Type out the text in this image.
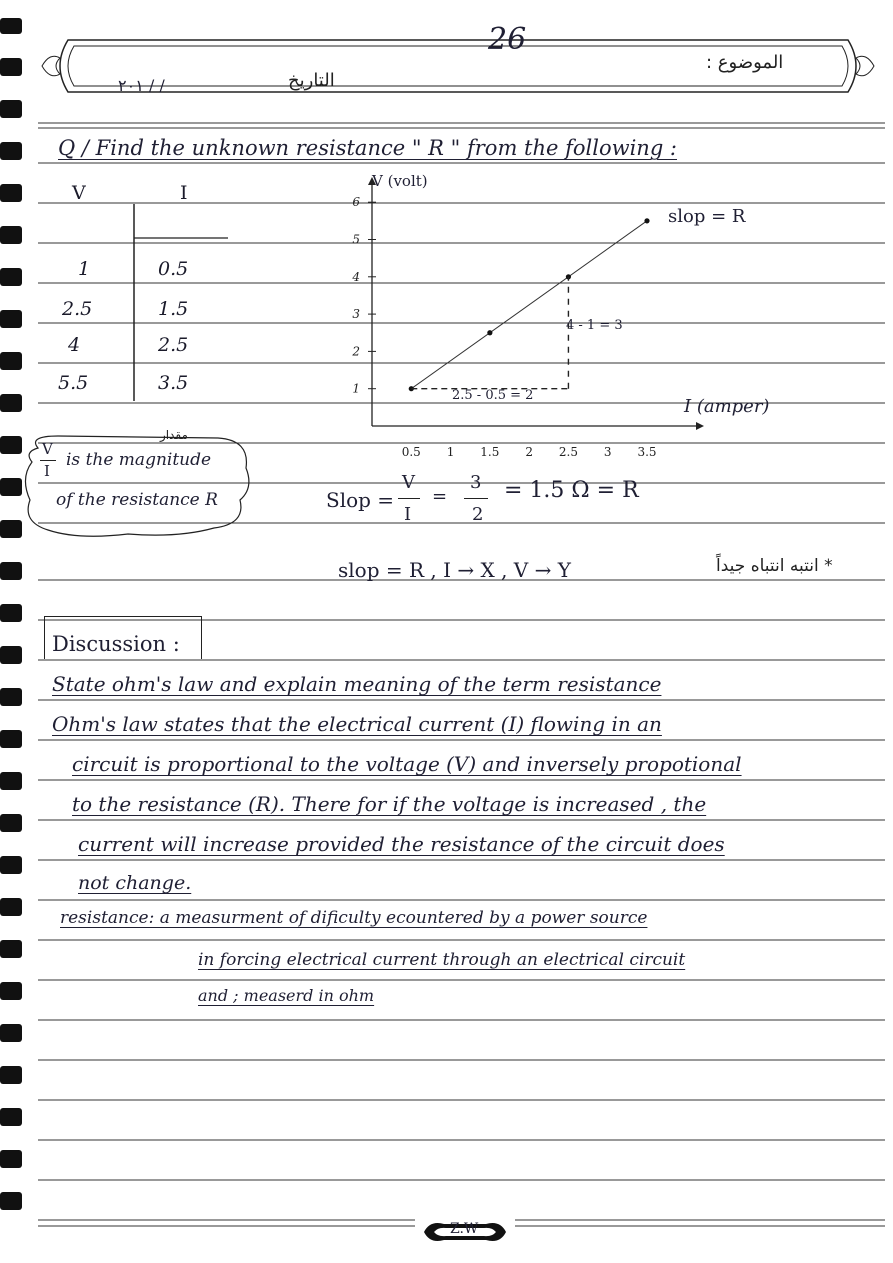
26
الموضوع :
التاريخ
٢٠١ / /
Q / Find the unknown resistance " R " from the following :
V	I
1	0.5
2.5	1.5
4	2.5
5.5	3.5
مقدار
V
I
is the magnitude
of the resistance R
1
2
3
4
5
6
0.5 1 1.5 2 2.5 3 3.5
V (volt)
I (amper)
slop = R
4 - 1 = 3
2.5 - 0.5 = 2
Slop =
V
I
=
3
2
= 1.5 Ω = R
slop = R , I → X , V → Y	* انتبه انتباه جيداً
Discussion :
State ohm's law and explain meaning of the term resistance
Ohm's law states that the electrical current (I) flowing in an
circuit is proportional to the voltage (V) and inversely propotional
to the resistance (R). There for if the voltage is increased , the
current will increase provided the resistance of the circuit does
not change.
resistance: a measurment of dificulty ecountered by a power source
in forcing electrical current through an electrical circuit
and ; measerd in ohm
Z.W
